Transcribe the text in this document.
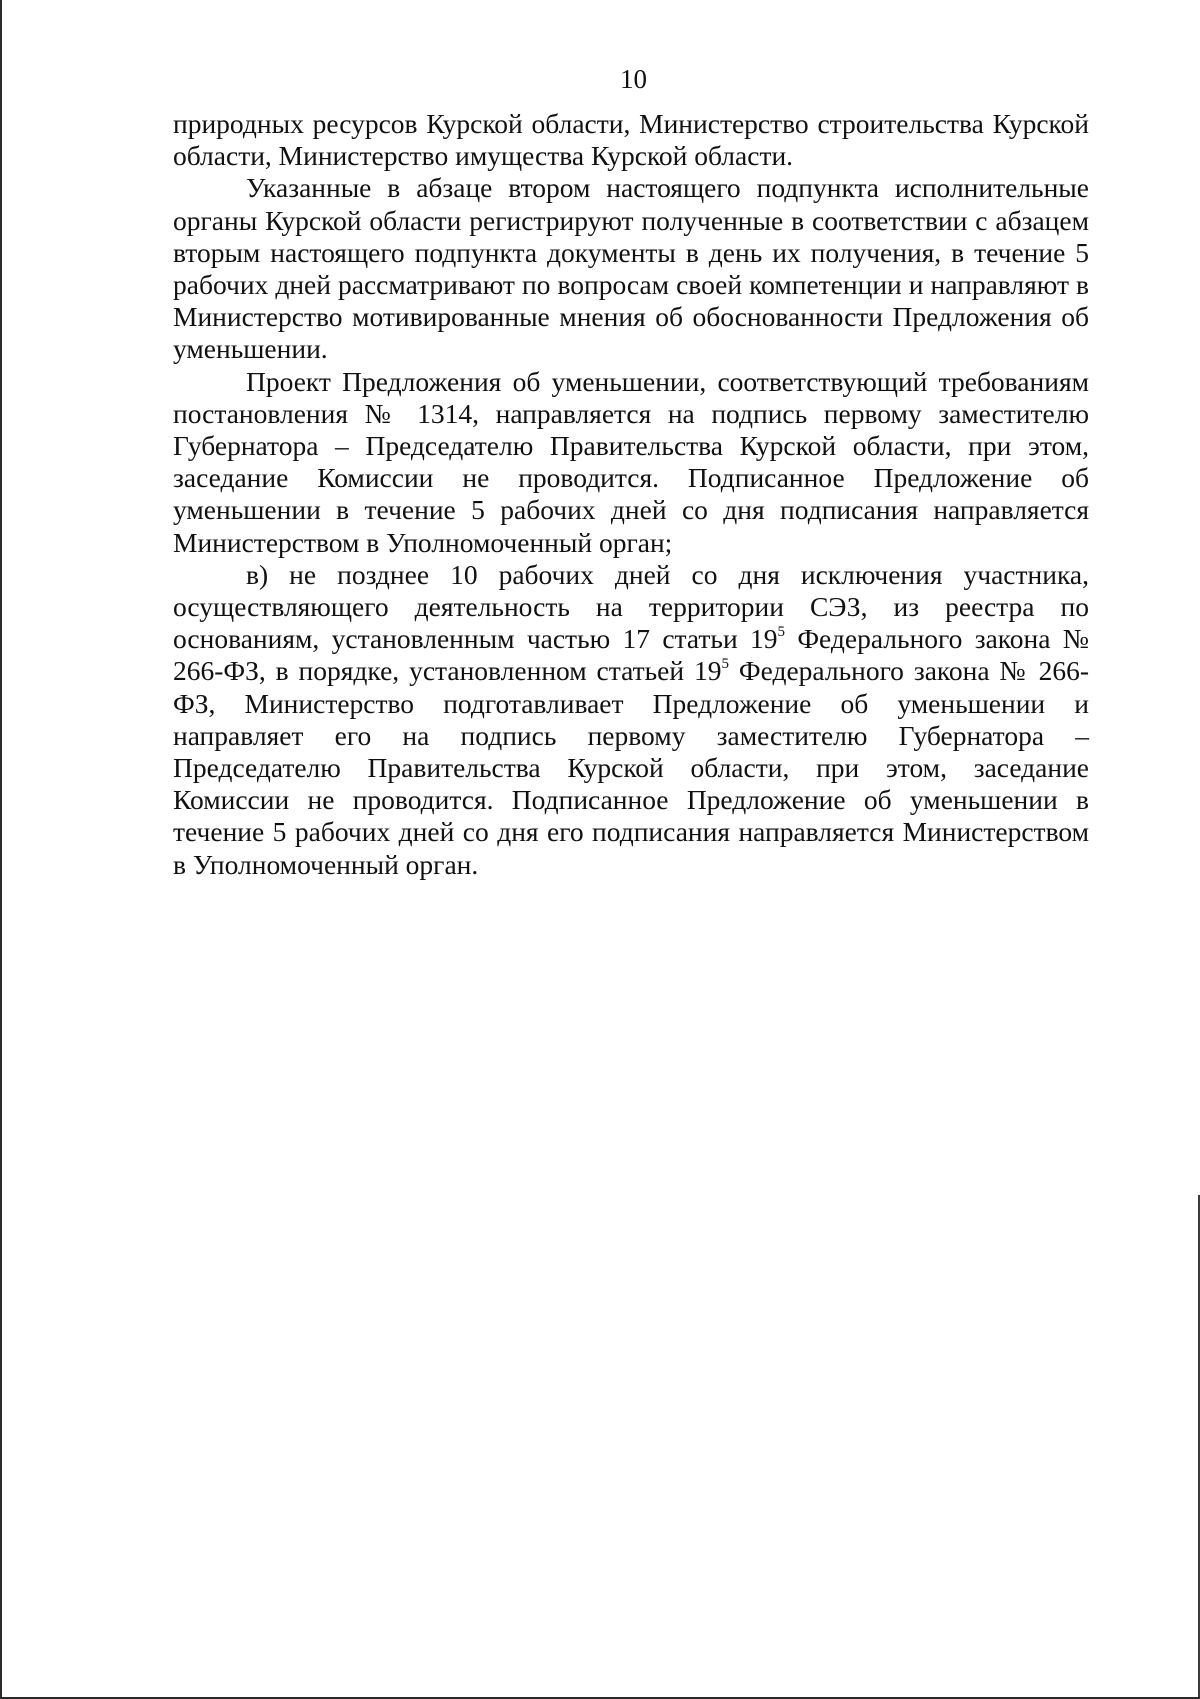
10

природных ресурсов Курской области, Министерство строительства Курской области, Министерство имущества Курской области.

Указанные в абзаце втором настоящего подпункта исполнительные органы Курской области регистрируют полученные в соответствии с абзацем вторым настоящего подпункта документы в день их получения, в течение 5 рабочих дней рассматривают по вопросам своей компетенции и направляют в Министерство мотивированные мнения об обоснованности Предложения об уменьшении.

Проект Предложения об уменьшении, соответствующий требованиям постановления № 1314, направляется на подпись первому заместителю Губернатора – Председателю Правительства Курской области, при этом, заседание Комиссии не проводится. Подписанное Предложение об уменьшении в течение 5 рабочих дней со дня подписания направляется Министерством в Уполномоченный орган;

в) не позднее 10 рабочих дней со дня исключения участника, осуществляющего деятельность на территории СЭЗ, из реестра по основаниям, установленным частью 17 статьи $19^5$ Федерального закона № 266-ФЗ, в порядке, установленном статьей $19^5$ Федерального закона № 266-ФЗ, Министерство подготавливает Предложение об уменьшении и направляет его на подпись первому заместителю Губернатора – Председателю Правительства Курской области, при этом, заседание Комиссии не проводится. Подписанное Предложение об уменьшении в течение 5 рабочих дней со дня его подписания направляется Министерством в Уполномоченный орган.
